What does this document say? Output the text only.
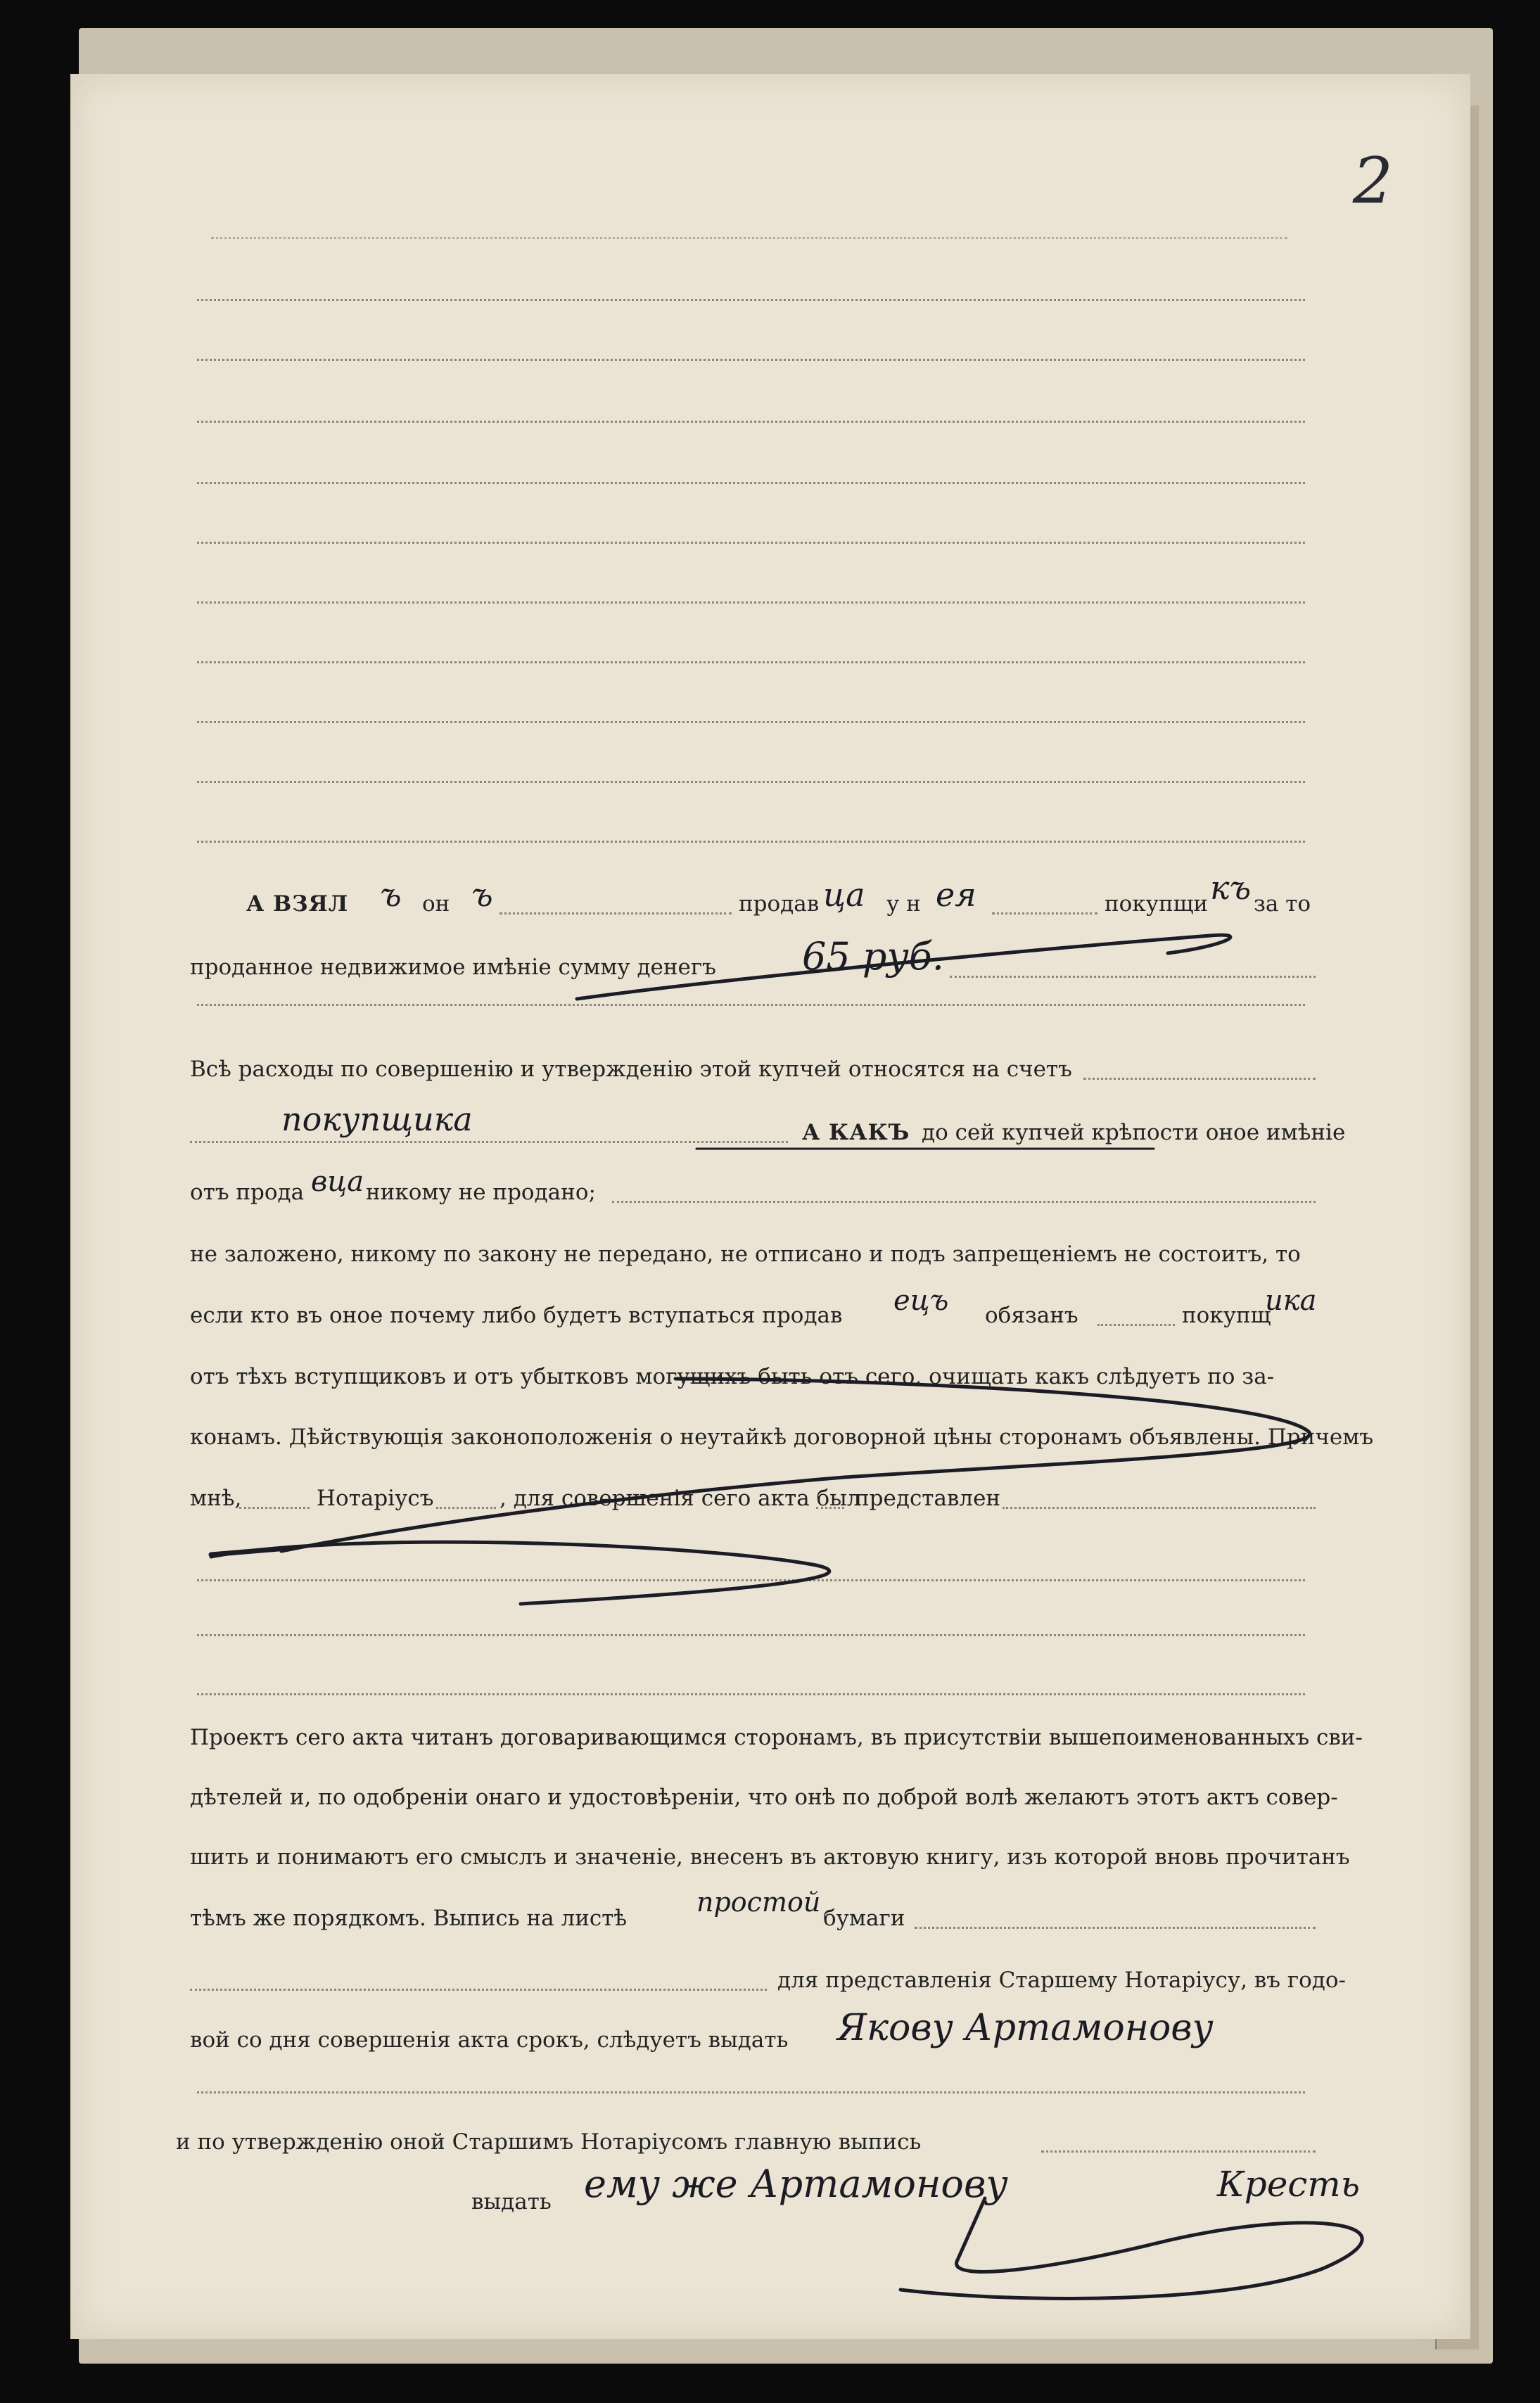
2
А ВЗЯЛ ъ он ъ	продав ца у н ея	покупщи къ за то
проданное недвижимое имѣніе сумму денегъ 65 руб.
Всѣ расходы по совершенію и утвержденію этой купчей относятся на счетъ
покупщика	А КАКЪ до сей купчей крѣпости оное имѣніе
отъ прода вца никому не продано;
не заложено, никому по закону не передано, не отписано и подъ запрещеніемъ не состоитъ, то
если кто въ оное почему либо будетъ вступаться продав ецъ обязанъ	покупщ
ика
отъ тѣхъ вступщиковъ и отъ убытковъ могущихъ быть отъ сего, очищать какъ слѣдуетъ по за-
конамъ. Дѣйствующія законоположенія о неутайкѣ договорной цѣны сторонамъ объявлены. Причемъ
мнѣ,	Нотаріусъ	, для совершенія сего акта был
представлен
Проектъ сего акта читанъ договаривающимся сторонамъ, въ присутствіи вышепоименованныхъ сви-
дѣтелей и, по одобреніи онаго и удостовѣреніи, что онѣ по доброй волѣ желаютъ этотъ актъ совер-
шить и понимаютъ его смыслъ и значеніе, внесенъ въ актовую книгу, изъ которой вновь прочитанъ
тѣмъ же порядкомъ. Выпись на листѣ
простой
бумаги
для представленія Старшему Нотаріусу, въ годо-
вой со дня совершенія акта срокъ, слѣдуетъ выдать Якову Артамонову
и по утвержденію оной Старшимъ Нотаріусомъ главную выпись
выдать ему же Артамонову	Кресть
